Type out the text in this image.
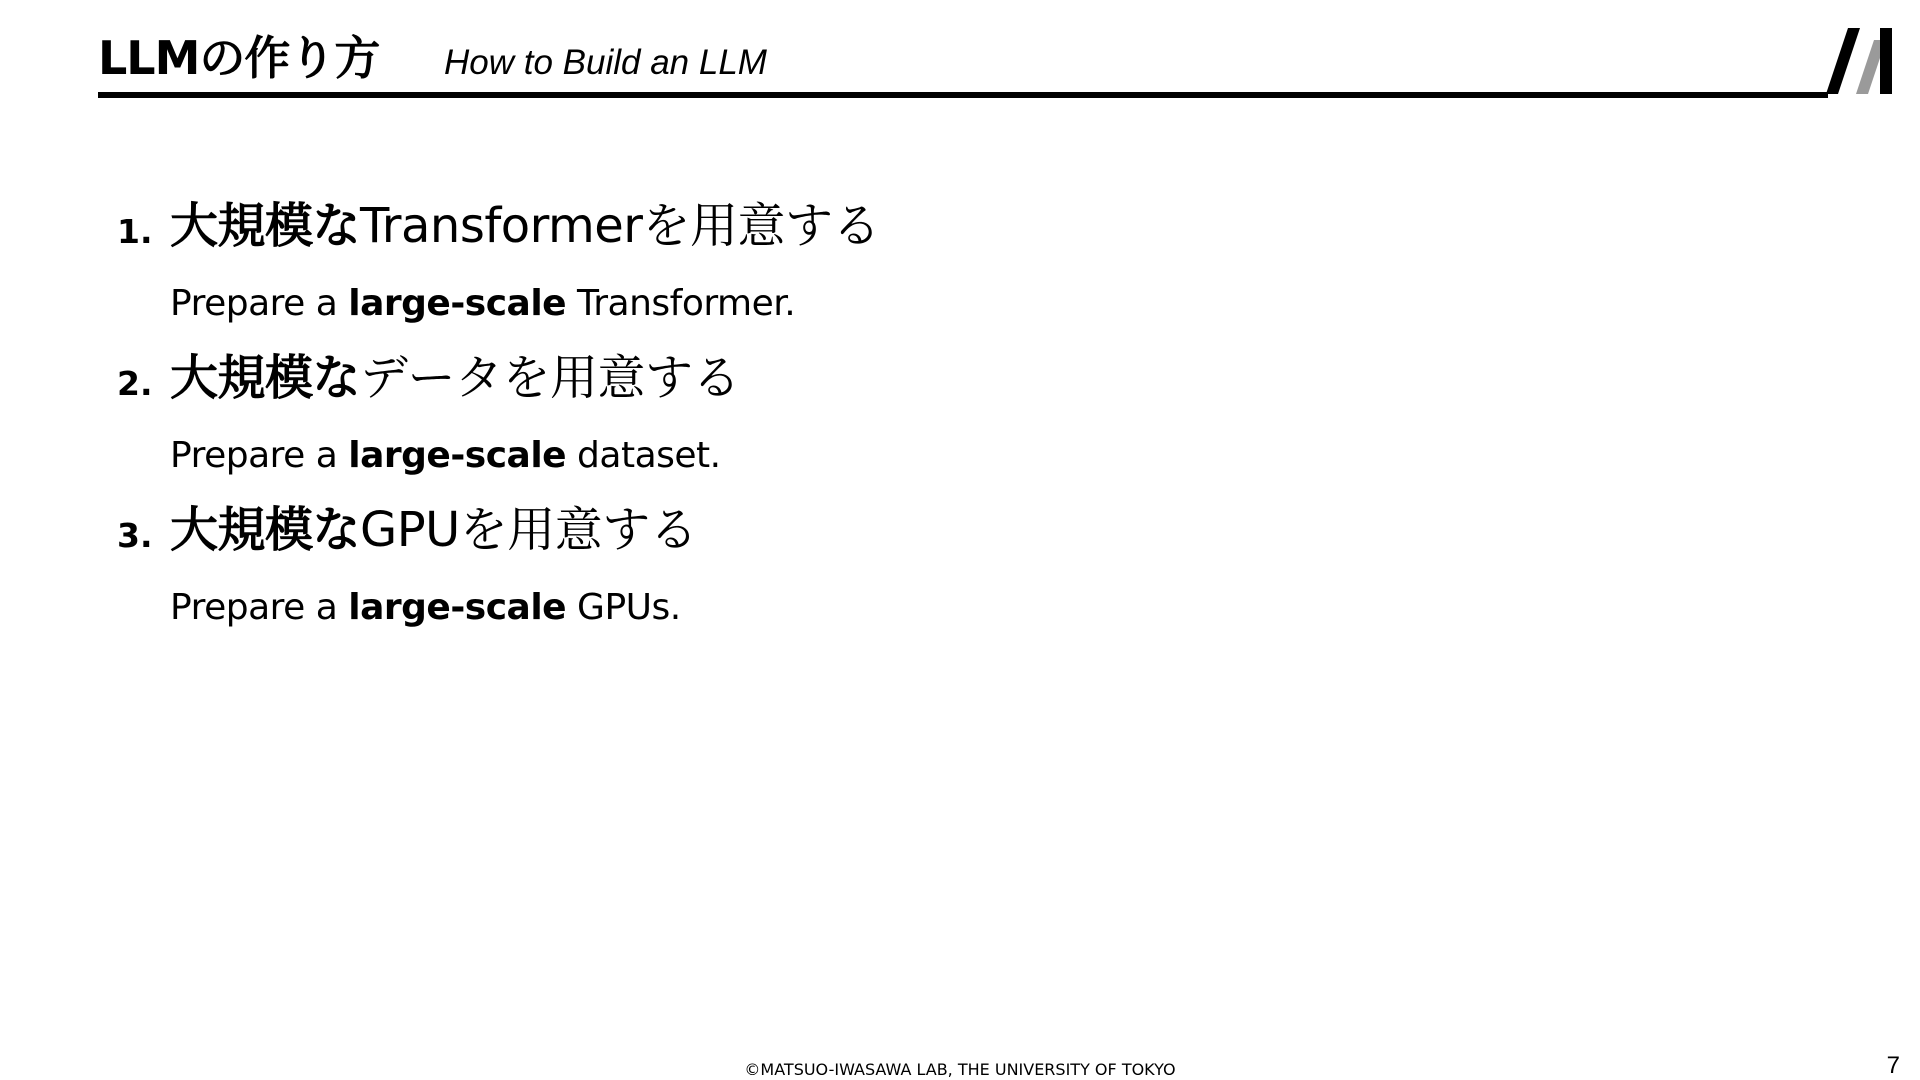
LLMの作り方 How to Build an LLM
1. 大規模なTransformerを用意する
Prepare a large-scale Transformer.
2. 大規模なデータを用意する
Prepare a large-scale dataset.
3. 大規模なGPUを用意する
Prepare a large-scale GPUs.
©MATSUO-IWASAWA LAB, THE UNIVERSITY OF TOKYO	7
